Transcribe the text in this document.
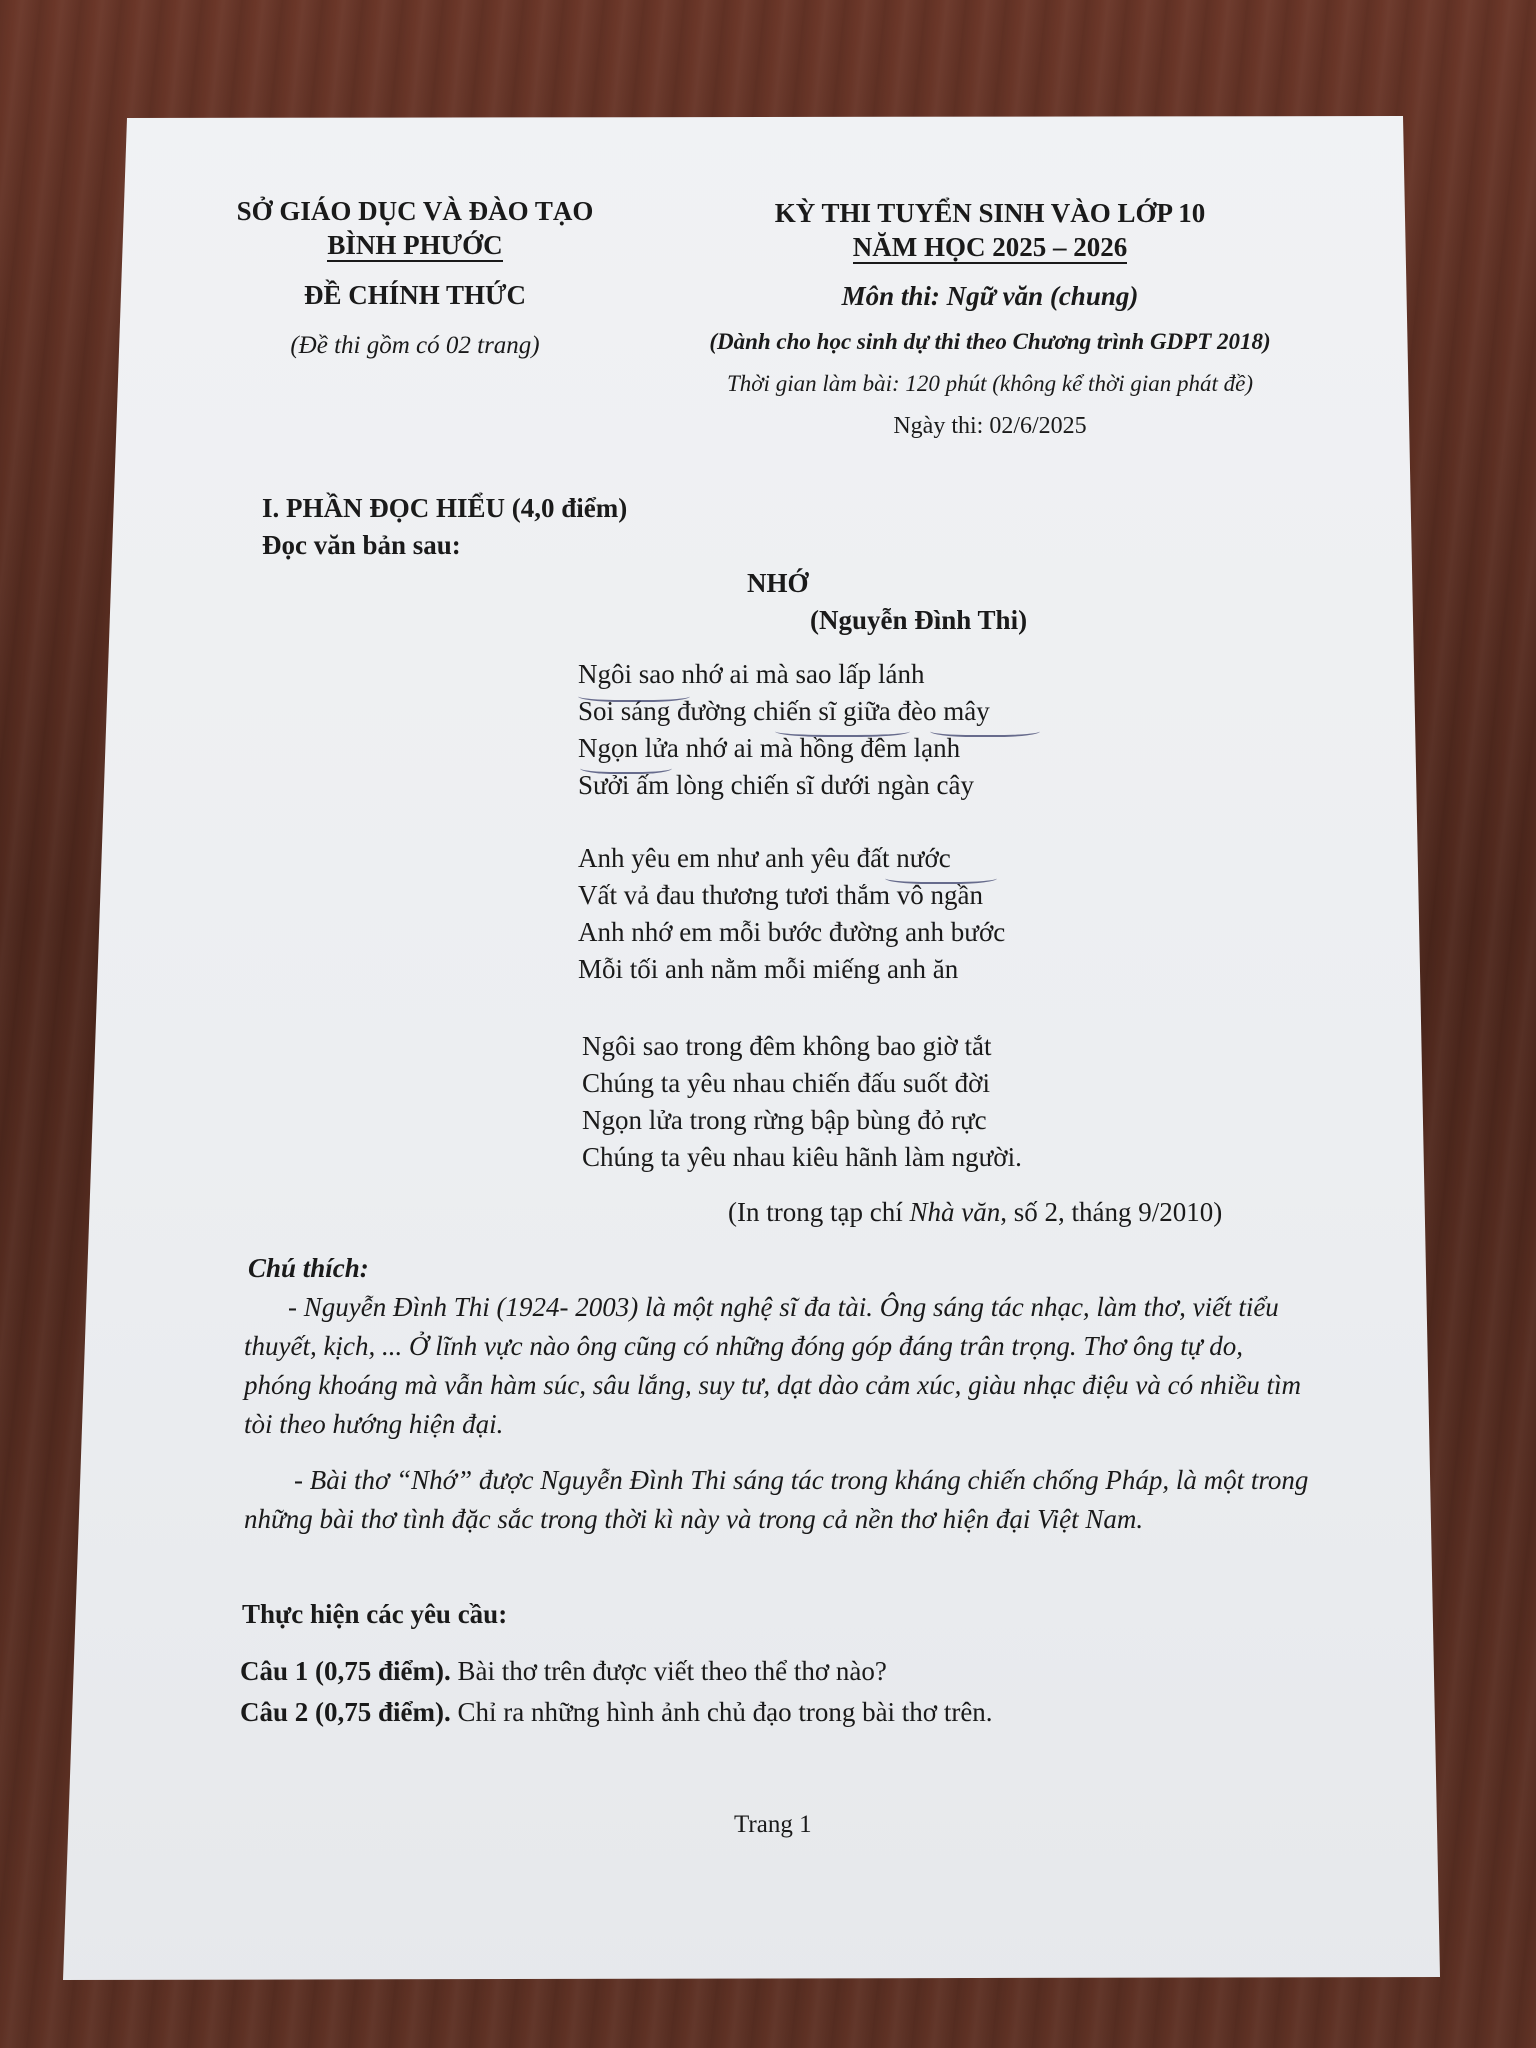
SỞ GIÁO DỤC VÀ ĐÀO TẠO
BÌNH PHƯỚC
ĐỀ CHÍNH THỨC
(Đề thi gồm có 02 trang)
KỲ THI TUYỂN SINH VÀO LỚP 10
NĂM HỌC 2025 – 2026
Môn thi: Ngữ văn (chung)
(Dành cho học sinh dự thi theo Chương trình GDPT 2018)
Thời gian làm bài: 120 phút (không kể thời gian phát đề)
Ngày thi: 02/6/2025
I. PHẦN ĐỌC HIỂU (4,0 điểm)
Đọc văn bản sau:
NHỚ
(Nguyễn Đình Thi)
Ngôi sao nhớ ai mà sao lấp lánh
Soi sáng đường chiến sĩ giữa đèo mây
Ngọn lửa nhớ ai mà hồng đêm lạnh
Sưởi ấm lòng chiến sĩ dưới ngàn cây
Anh yêu em như anh yêu đất nước
Vất vả đau thương tươi thắm vô ngần
Anh nhớ em mỗi bước đường anh bước
Mỗi tối anh nằm mỗi miếng anh ăn
Ngôi sao trong đêm không bao giờ tắt
Chúng ta yêu nhau chiến đấu suốt đời
Ngọn lửa trong rừng bập bùng đỏ rực
Chúng ta yêu nhau kiêu hãnh làm người.
(In trong tạp chí Nhà văn, số 2, tháng 9/2010)
Chú thích:
- Nguyễn Đình Thi (1924- 2003) là một nghệ sĩ đa tài. Ông sáng tác nhạc, làm thơ, viết tiểu thuyết, kịch, ... Ở lĩnh vực nào ông cũng có những đóng góp đáng trân trọng. Thơ ông tự do, phóng khoáng mà vẫn hàm súc, sâu lắng, suy tư, dạt dào cảm xúc, giàu nhạc điệu và có nhiều tìm tòi theo hướng hiện đại.
- Bài thơ “Nhớ” được Nguyễn Đình Thi sáng tác trong kháng chiến chống Pháp, là một trong những bài thơ tình đặc sắc trong thời kì này và trong cả nền thơ hiện đại Việt Nam.
Thực hiện các yêu cầu:
Câu 1 (0,75 điểm). Bài thơ trên được viết theo thể thơ nào?
Câu 2 (0,75 điểm). Chỉ ra những hình ảnh chủ đạo trong bài thơ trên.
Trang 1
